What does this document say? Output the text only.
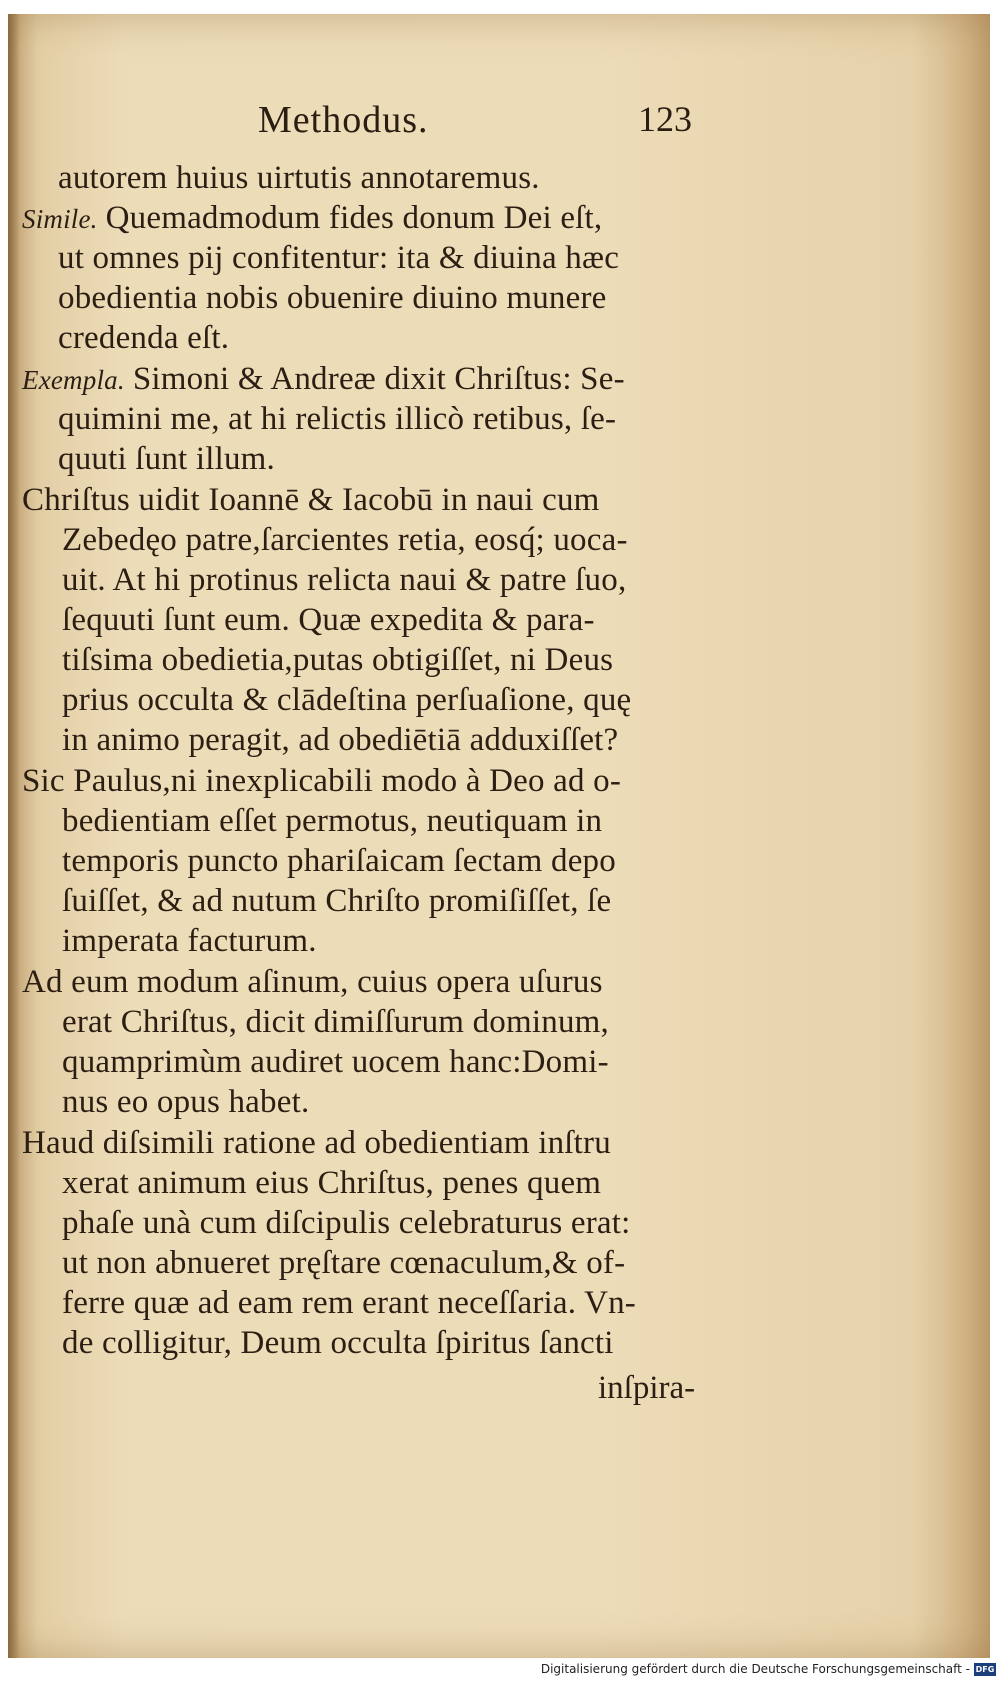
Methodus.	123
autorem huius uirtutis annotaremus.
Simile. Quemadmodum fides donum Dei eſt,
ut omnes pij confitentur: ita & diuina hæc
obedientia nobis obuenire diuino munere
credenda eſt.
Exempla. Simoni & Andreæ dixit Chriſtus: Se-
quimini me, at hi relictis illicò retibus, ſe-
quuti ſunt illum.
Chriſtus uidit Ioannē & Iacobū in naui cum
Zebedęo patre,ſarcientes retia, eosq́; uoca-
uit. At hi protinus relicta naui & patre ſuo,
ſequuti ſunt eum. Quæ expedita & para-
tiſsima obedietia,putas obtigiſſet, ni Deus
prius occulta & clādeſtina perſuaſione, quę
in animo peragit, ad obediētiā adduxiſſet?
Sic Paulus,ni inexplicabili modo à Deo ad o-
bedientiam eſſet permotus, neutiquam in
temporis puncto phariſaicam ſectam depo
ſuiſſet, & ad nutum Chriſto promiſiſſet, ſe
imperata facturum.
Ad eum modum aſinum, cuius opera uſurus
erat Chriſtus, dicit dimiſſurum dominum,
quamprimùm audiret uocem hanc:Domi-
nus eo opus habet.
Haud diſsimili ratione ad obedientiam inſtru
xerat animum eius Chriſtus, penes quem
phaſe unà cum diſcipulis celebraturus erat:
ut non abnueret pręſtare cœnaculum,& of-
ferre quæ ad eam rem erant neceſſaria. Vn-
de colligitur, Deum occulta ſpiritus ſancti
inſpira-
Digitalisierung gefördert durch die Deutsche Forschungsgemeinschaft - DFG
